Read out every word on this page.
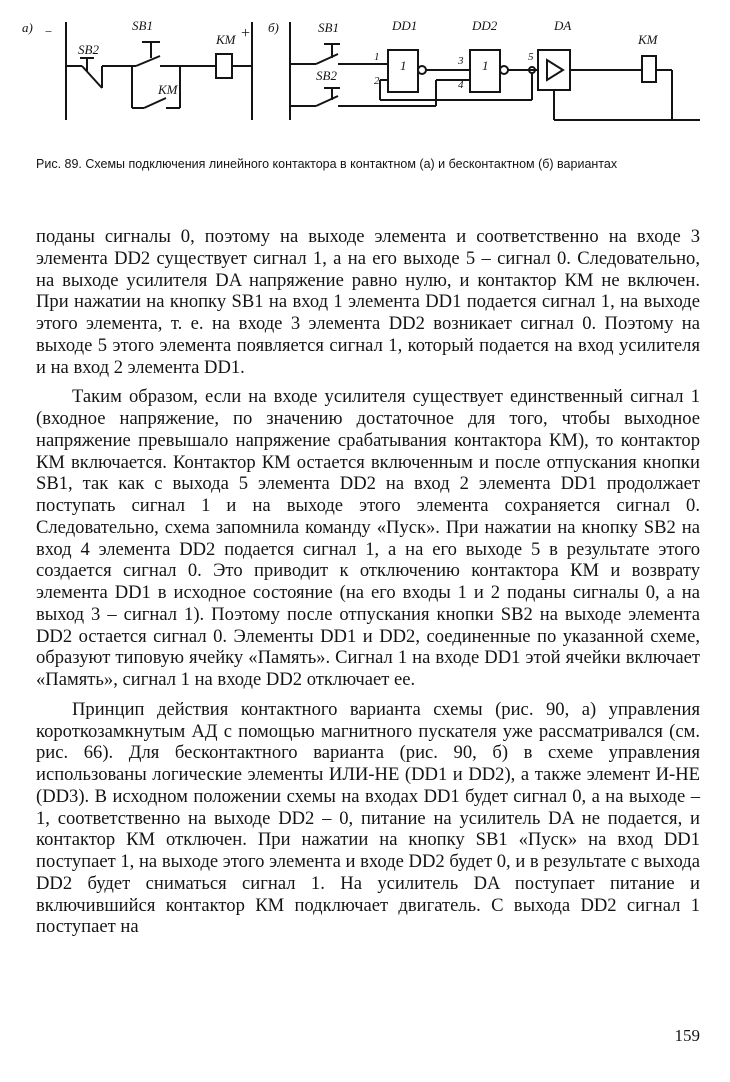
а) −	+
SB2
SB1
КМ
КМ
б)	SB1
SB2
DD1
1
2
1
DD2
3
4
1
5
DA
КМ
Рис. 89. Схемы подключения линейного контактора в контактном (а) и бесконтактном (б) вариантах

поданы сигналы 0, поэтому на выходе элемента и соответственно на входе 3 элемента DD2 существует сигнал 1, а на его выходе 5 – сигнал 0. Следовательно, на выходе усилителя DA напряжение равно нулю, и контактор КМ не включен. При нажатии на кнопку SB1 на вход 1 элемента DD1 подается сигнал 1, на выходе этого элемента, т. е. на входе 3 элемента DD2 возникает сигнал 0. Поэтому на выходе 5 этого элемента появляется сигнал 1, который подается на вход усилителя и на вход 2 элемента DD1.

Таким образом, если на входе усилителя существует единственный сигнал 1 (входное напряжение, по значению достаточное для того, чтобы выходное напряжение превышало напряжение срабатывания контактора КМ), то контактор КМ включается. Контактор КМ остается включенным и после отпускания кнопки SB1, так как с выхода 5 элемента DD2 на вход 2 элемента DD1 продолжает поступать сигнал 1 и на выходе этого элемента сохраняется сигнал 0. Следовательно, схема запомнила команду «Пуск». При нажатии на кнопку SB2 на вход 4 элемента DD2 подается сигнал 1, а на его выходе 5 в результате этого создается сигнал 0. Это приводит к отключению контактора КМ и возврату элемента DD1 в исходное состояние (на его входы 1 и 2 поданы сигналы 0, а на выход 3 – сигнал 1). Поэтому после отпускания кнопки SB2 на выходе элемента DD2 остается сигнал 0. Элементы DD1 и DD2, соединенные по указанной схеме, образуют типовую ячейку «Память». Сигнал 1 на входе DD1 этой ячейки включает «Память», сигнал 1 на входе DD2 отключает ее.

Принцип действия контактного варианта схемы (рис. 90, а) управления короткозамкнутым АД с помощью магнитного пускателя уже рассматривался (см. рис. 66). Для бесконтактного варианта (рис. 90, б) в схеме управления использованы логические элементы ИЛИ-НЕ (DD1 и DD2), а также элемент И-НЕ (DD3). В исходном положении схемы на входах DD1 будет сигнал 0, а на выходе – 1, соответственно на выходе DD2 – 0, питание на усилитель DA не подается, и контактор КМ отключен. При нажатии на кнопку SB1 «Пуск» на вход DD1 поступает 1, на выходе этого элемента и входе DD2 будет 0, и в результате с выхода DD2 будет сниматься сигнал 1. На усилитель DA поступает питание и включившийся контактор КМ подключает двигатель. С выхода DD2 сигнал 1 поступает на

159
